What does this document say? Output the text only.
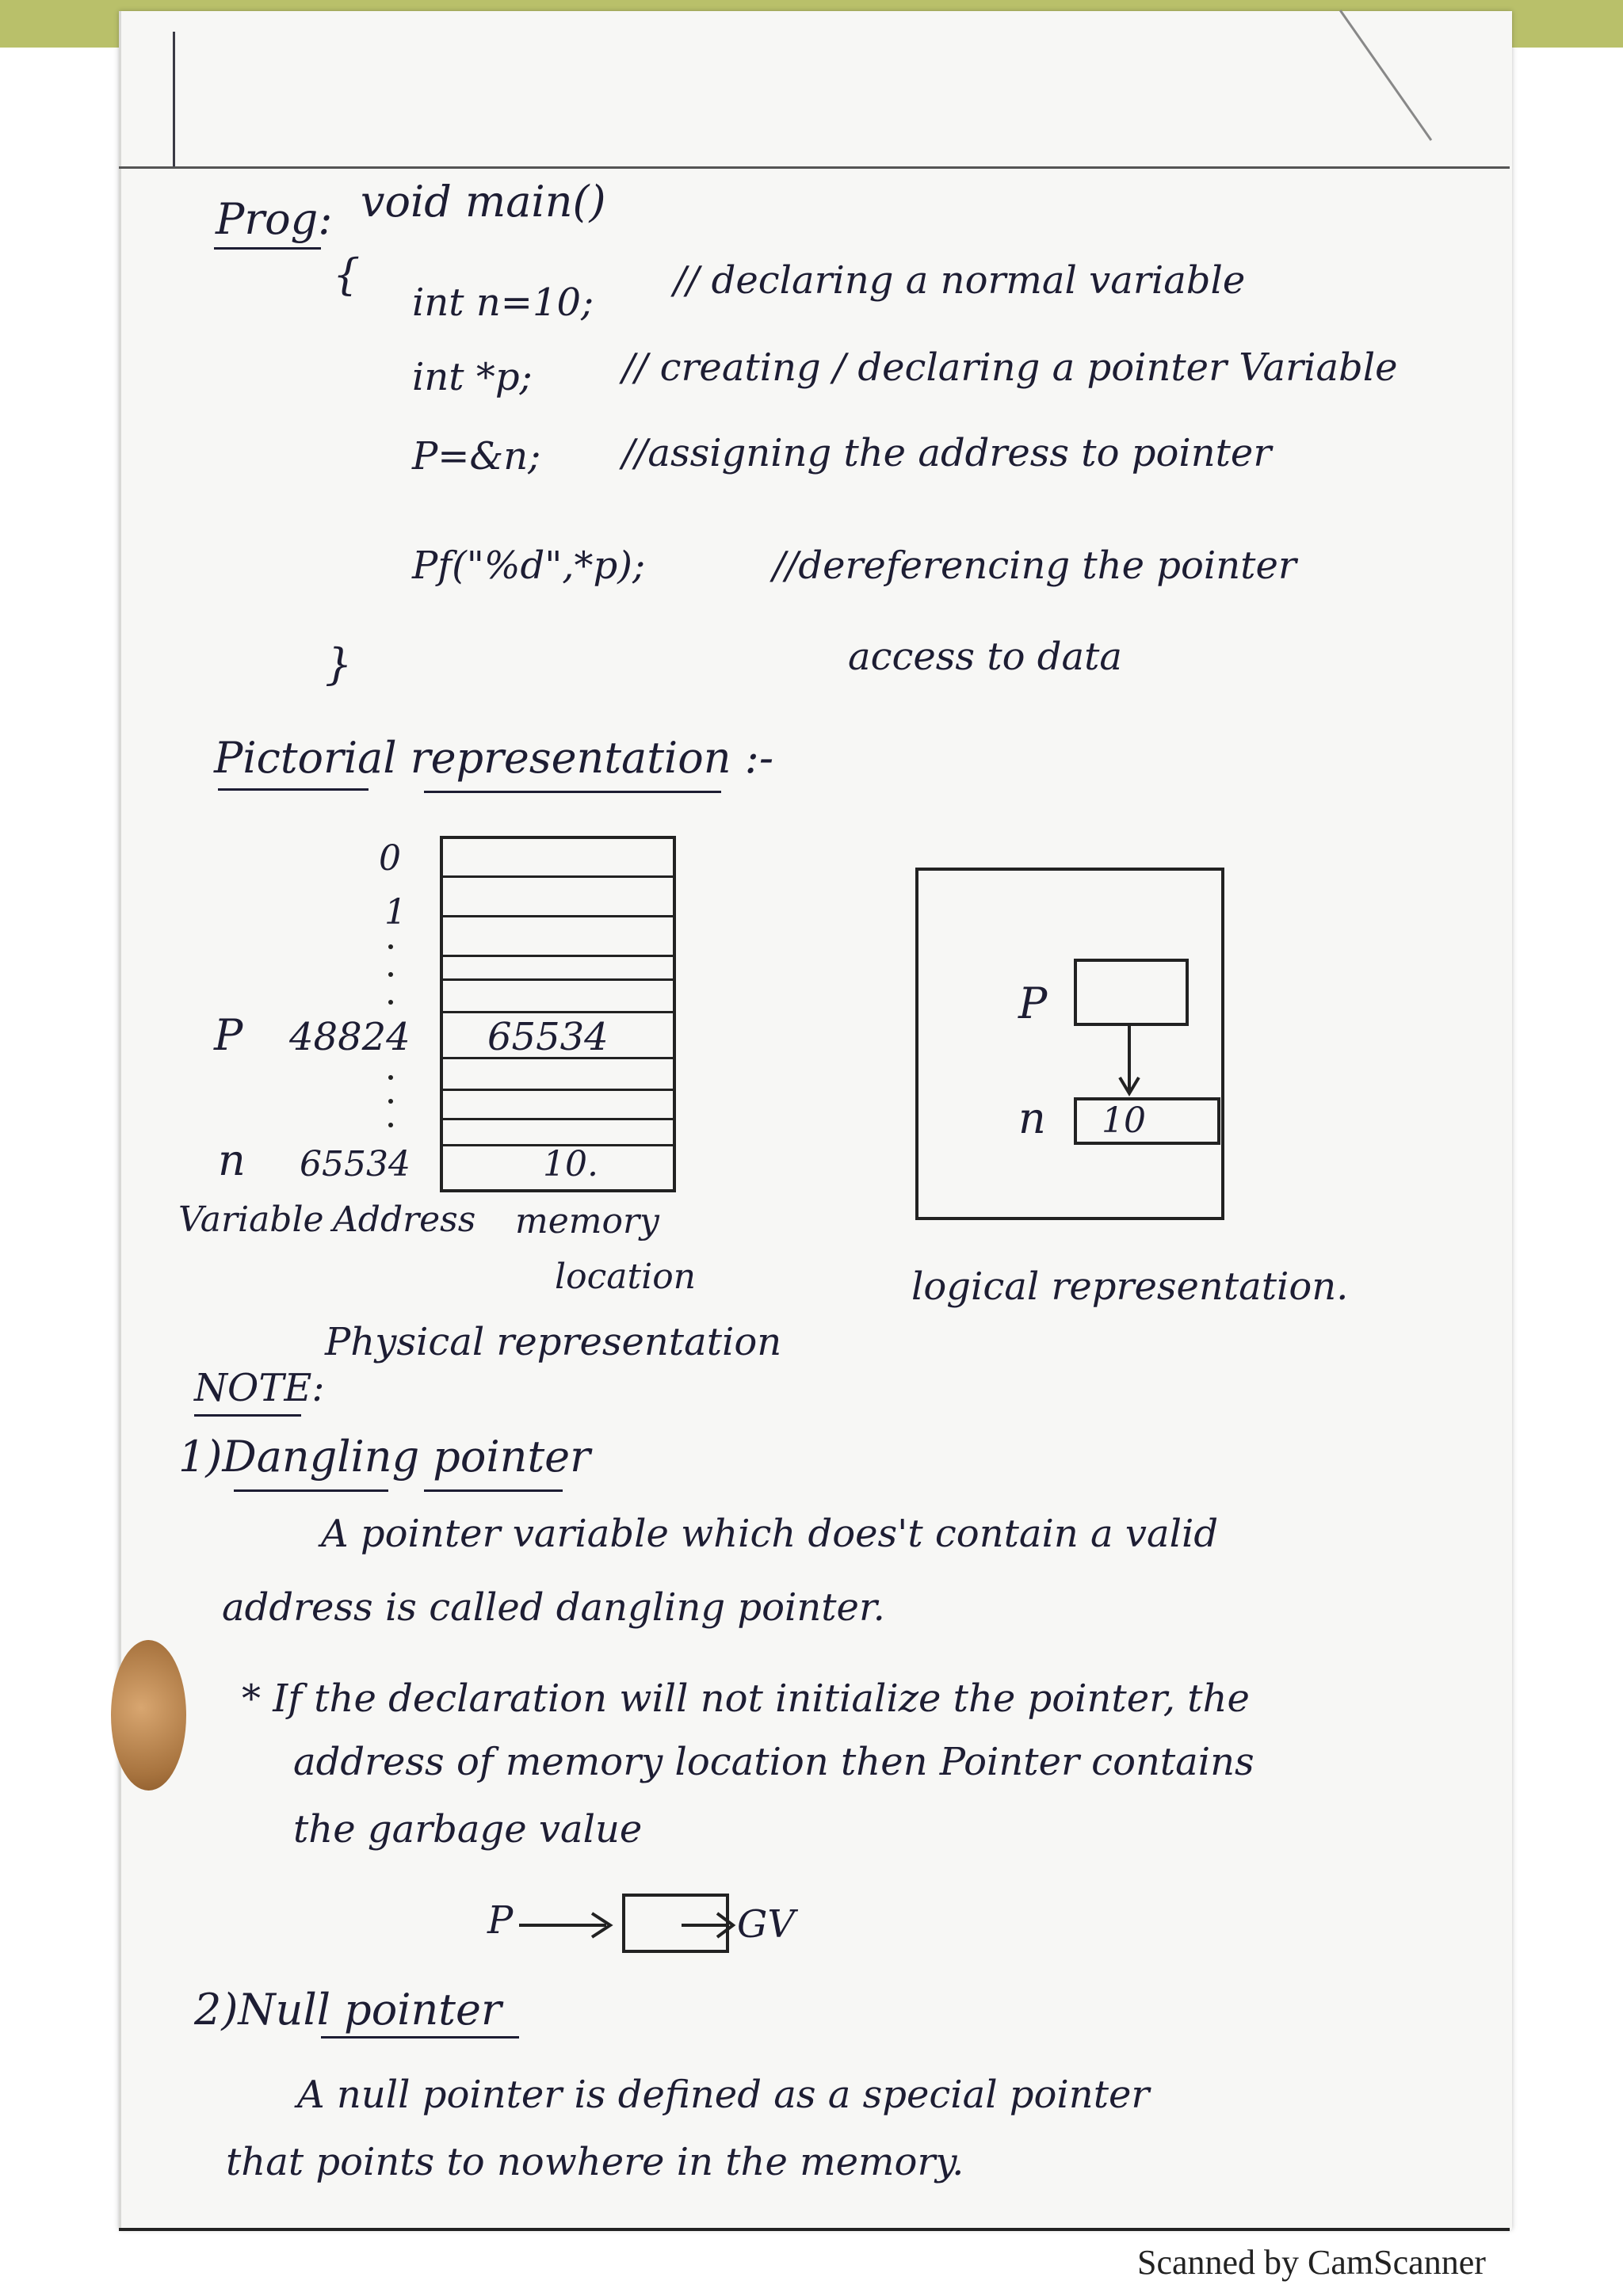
Prog: void main()
{
int n=10; // declaring a normal variable
int *p; // creating / declaring a pointer Variable
P=&n; //assigning the address to pointer
Pf("%d",*p);	//dereferencing the pointer
access to data
}
Pictorial representation :-
0
1
P 48824 65534
n 65534	10.
Variable Address memory
location
Physical representation
P
n 10
logical representation.
NOTE:
1)Dangling pointer
A pointer variable which does't contain a valid
address is called dangling pointer.
* If the declaration will not initialize the pointer, the
address of memory location then Pointer contains
the garbage value
P	GV
2)Null pointer
A null pointer is defined as a special pointer
that points to nowhere in the memory.
Scanned by CamScanner
